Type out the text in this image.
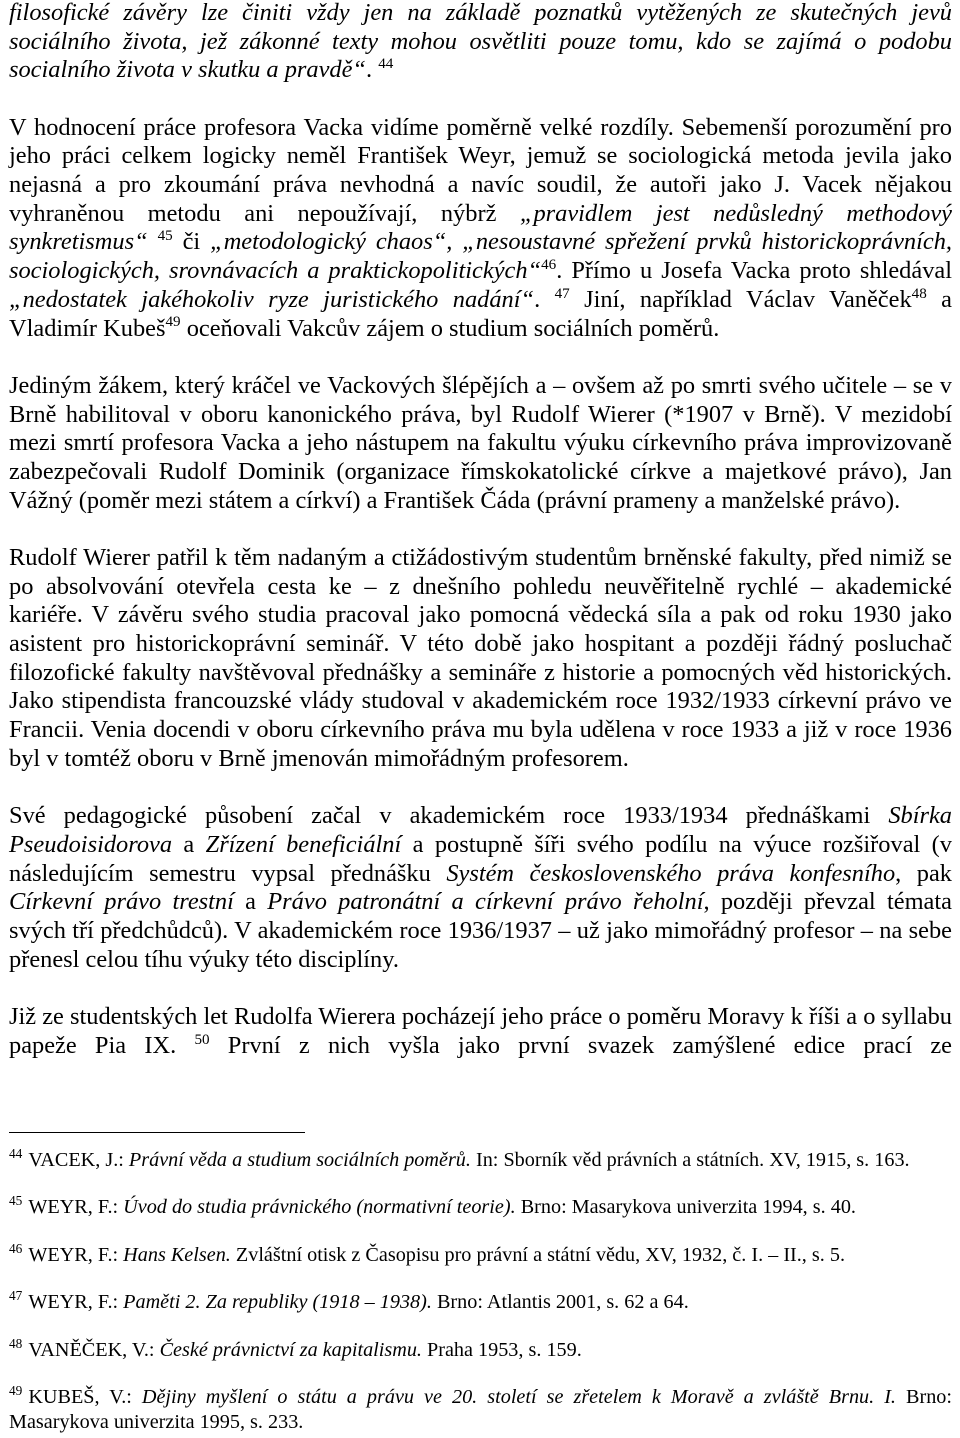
filosofické závěry lze činiti vždy jen na základě poznatků vytěžených ze skutečných jevů sociálního života, jež zákonné texty mohou osvětliti pouze tomu, kdo se zajímá o podobu socialního života v skutku a pravdě“. $^{44}$

V hodnocení práce profesora Vacka vidíme poměrně velké rozdíly. Sebemenší porozumění pro jeho práci celkem logicky neměl František Weyr, jemuž se sociologická metoda jevila jako nejasná a pro zkoumání práva nevhodná a navíc soudil, že autoři jako J. Vacek nějakou vyhraněnou metodu ani nepoužívají, nýbrž „pravidlem jest nedůsledný methodový synkretismus“ $^{45}$ či „metodologický chaos“, „nesoustavné spřežení prvků historickoprávních, sociologických, srovnávacích a praktickopolitických“$^{46}$. Přímo u Josefa Vacka proto shledával „nedostatek jakéhokoliv ryze juristického nadání“. $^{47}$ Jiní, například Václav Vaněček$^{48}$ a Vladimír Kubeš$^{49}$ oceňovali Vakcův zájem o studium sociálních poměrů.

Jediným žákem, který kráčel ve Vackových šlépějích a – ovšem až po smrti svého učitele – se v Brně habilitoval v oboru kanonického práva, byl Rudolf Wierer (*1907 v Brně). V mezidobí mezi smrtí profesora Vacka a jeho nástupem na fakultu výuku církevního práva improvizovaně zabezpečovali Rudolf Dominik (organizace římskokatolické církve a majetkové právo), Jan Vážný (poměr mezi státem a církví) a František Čáda (právní prameny a manželské právo).

Rudolf Wierer patřil k těm nadaným a ctižádostivým studentům brněnské fakulty, před nimiž se po absolvování otevřela cesta ke – z dnešního pohledu neuvěřitelně rychlé – akademické kariéře. V závěru svého studia pracoval jako pomocná vědecká síla a pak od roku 1930 jako asistent pro historickoprávní seminář. V této době jako hospitant a později řádný posluchač filozofické fakulty navštěvoval přednášky a semináře z historie a pomocných věd historických. Jako stipendista francouzské vlády studoval v akademickém roce 1932/1933 církevní právo ve Francii. Venia docendi v oboru církevního práva mu byla udělena v roce 1933 a již v roce 1936 byl v tomtéž oboru v Brně jmenován mimořádným profesorem.

Své pedagogické působení začal v akademickém roce 1933/1934 přednáškami Sbírka Pseudoisidorova a Zřízení beneficiální a postupně šíři svého podílu na výuce rozšiřoval (v následujícím semestru vypsal přednášku Systém československého práva konfesního, pak Církevní právo trestní a Právo patronátní a církevní právo řeholní, později převzal témata svých tří předchůdců). V akademickém roce 1936/1937 – už jako mimořádný profesor – na sebe přenesl celou tíhu výuky této disciplíny.

Již ze studentských let Rudolfa Wierera pocházejí jeho práce o poměru Moravy k říši a o syllabu papeže Pia IX. $^{50}$ První z nich vyšla jako první svazek zamýšlené edice prací ze

$^{44}$ VACEK, J.: Právní věda a studium sociálních poměrů. In: Sborník věd právních a státních. XV, 1915, s. 163.
$^{45}$ WEYR, F.: Úvod do studia právnického (normativní teorie). Brno: Masarykova univerzita 1994, s. 40.
$^{46}$ WEYR, F.: Hans Kelsen. Zvláštní otisk z Časopisu pro právní a státní vědu, XV, 1932, č. I. – II., s. 5.
$^{47}$ WEYR, F.: Paměti 2. Za republiky (1918 – 1938). Brno: Atlantis 2001, s. 62 a 64.
$^{48}$ VANĚČEK, V.: České právnictví za kapitalismu. Praha 1953, s. 159.
$^{49}$ KUBEŠ, V.: Dějiny myšlení o státu a právu ve 20. století se zřetelem k Moravě a zvláště Brnu. I. Brno: Masarykova univerzita 1995, s. 233.
